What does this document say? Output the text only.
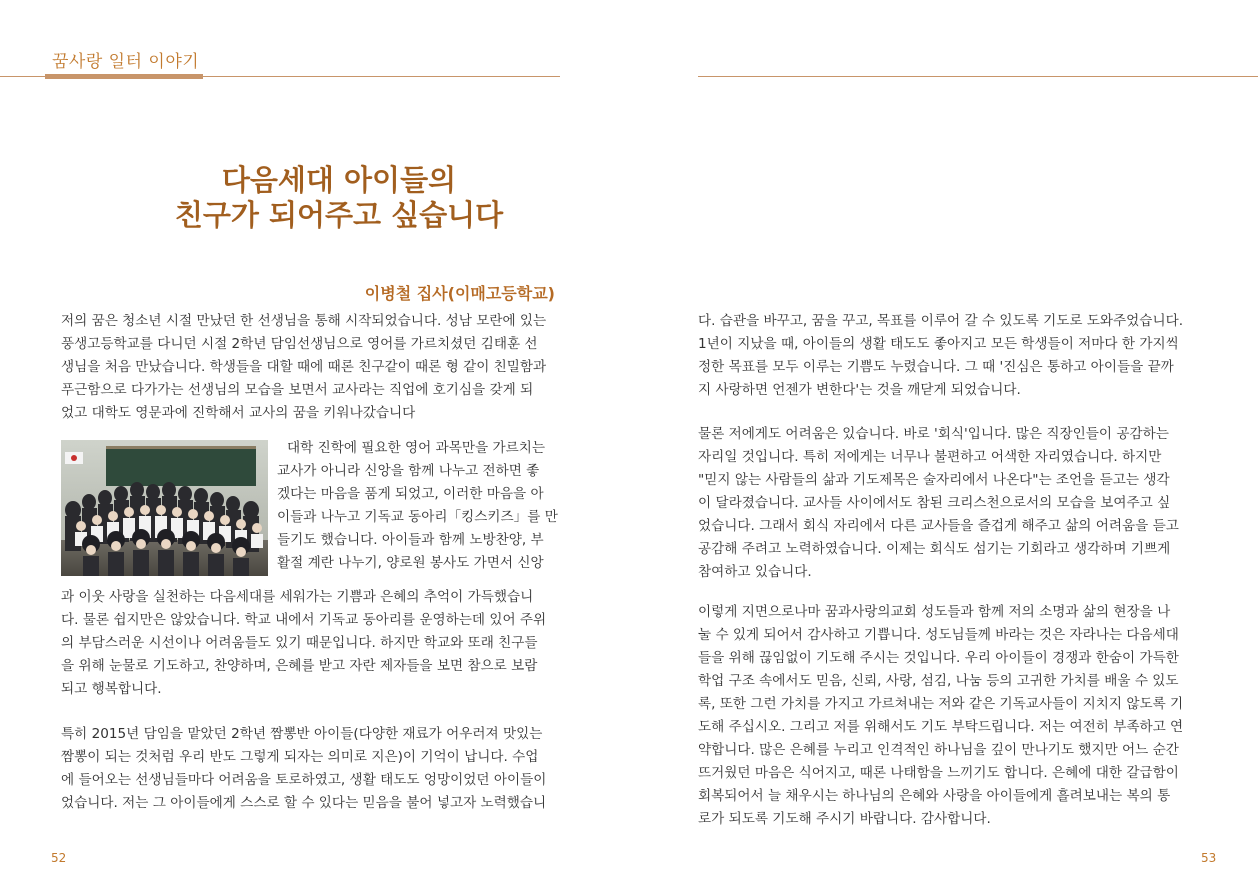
꿈사랑 일터 이야기
다음세대 아이들의
친구가 되어주고 싶습니다
이병철 집사(이매고등학교)
저의 꿈은 청소년 시절 만났던 한 선생님을 통해 시작되었습니다. 성남 모란에 있는
풍생고등학교를 다니던 시절 2학년 담임선생님으로 영어를 가르치셨던 김태훈 선
생님을 처음 만났습니다. 학생들을 대할 때에 때론 친구같이 때론 형 같이 친밀함과
푸근함으로 다가가는 선생님의 모습을 보면서 교사라는 직업에 호기심을 갖게 되
었고 대학도 영문과에 진학해서 교사의 꿈을 키워나갔습니다
대학 진학에 필요한 영어 과목만을 가르치는
교사가 아니라 신앙을 함께 나누고 전하면 좋
겠다는 마음을 품게 되었고, 이러한 마음을 아
이들과 나누고 기독교 동아리「킹스키즈」를 만
들기도 했습니다. 아이들과 함께 노방찬양, 부
활절 계란 나누기, 양로원 봉사도 가면서 신앙
과 이웃 사랑을 실천하는 다음세대를 세워가는 기쁨과 은혜의 추억이 가득했습니
다. 물론 쉽지만은 않았습니다. 학교 내에서 기독교 동아리를 운영하는데 있어 주위
의 부담스러운 시선이나 어려움들도 있기 때문입니다. 하지만 학교와 또래 친구들
을 위해 눈물로 기도하고, 찬양하며, 은혜를 받고 자란 제자들을 보면 참으로 보람
되고 행복합니다.
특히 2015년 담임을 맡았던 2학년 짬뽕반 아이들(다양한 재료가 어우러져 맛있는
짬뽕이 되는 것처럼 우리 반도 그렇게 되자는 의미로 지은)이 기억이 납니다. 수업
에 들어오는 선생님들마다 어려움을 토로하였고, 생활 태도도 엉망이었던 아이들이
었습니다. 저는 그 아이들에게 스스로 할 수 있다는 믿음을 불어 넣고자 노력했습니
다. 습관을 바꾸고, 꿈을 꾸고, 목표를 이루어 갈 수 있도록 기도로 도와주었습니다.
1년이 지났을 때, 아이들의 생활 태도도 좋아지고 모든 학생들이 저마다 한 가지씩
정한 목표를 모두 이루는 기쁨도 누렸습니다. 그 때 '진심은 통하고 아이들을 끝까
지 사랑하면 언젠가 변한다'는 것을 깨닫게 되었습니다.
물론 저에게도 어려움은 있습니다. 바로 '회식'입니다. 많은 직장인들이 공감하는
자리일 것입니다. 특히 저에게는 너무나 불편하고 어색한 자리였습니다. 하지만
"믿지 않는 사람들의 삶과 기도제목은 술자리에서 나온다"는 조언을 듣고는 생각
이 달라졌습니다. 교사들 사이에서도 참된 크리스천으로서의 모습을 보여주고 싶
었습니다. 그래서 회식 자리에서 다른 교사들을 즐겁게 해주고 삶의 어려움을 듣고
공감해 주려고 노력하였습니다. 이제는 회식도 섬기는 기회라고 생각하며 기쁘게
참여하고 있습니다.
이렇게 지면으로나마 꿈과사랑의교회 성도들과 함께 저의 소명과 삶의 현장을 나
눌 수 있게 되어서 감사하고 기쁩니다. 성도님들께 바라는 것은 자라나는 다음세대
들을 위해 끊임없이 기도해 주시는 것입니다. 우리 아이들이 경쟁과 한숨이 가득한
학업 구조 속에서도 믿음, 신뢰, 사랑, 섬김, 나눔 등의 고귀한 가치를 배울 수 있도
록, 또한 그런 가치를 가지고 가르쳐내는 저와 같은 기독교사들이 지치지 않도록 기
도해 주십시오. 그리고 저를 위해서도 기도 부탁드립니다. 저는 여전히 부족하고 연
약합니다. 많은 은혜를 누리고 인격적인 하나님을 깊이 만나기도 했지만 어느 순간
뜨거웠던 마음은 식어지고, 때론 나태함을 느끼기도 합니다. 은혜에 대한 갈급함이
회복되어서 늘 채우시는 하나님의 은혜와 사랑을 아이들에게 흘려보내는 복의 통
로가 되도록 기도해 주시기 바랍니다. 감사합니다.
52	53
